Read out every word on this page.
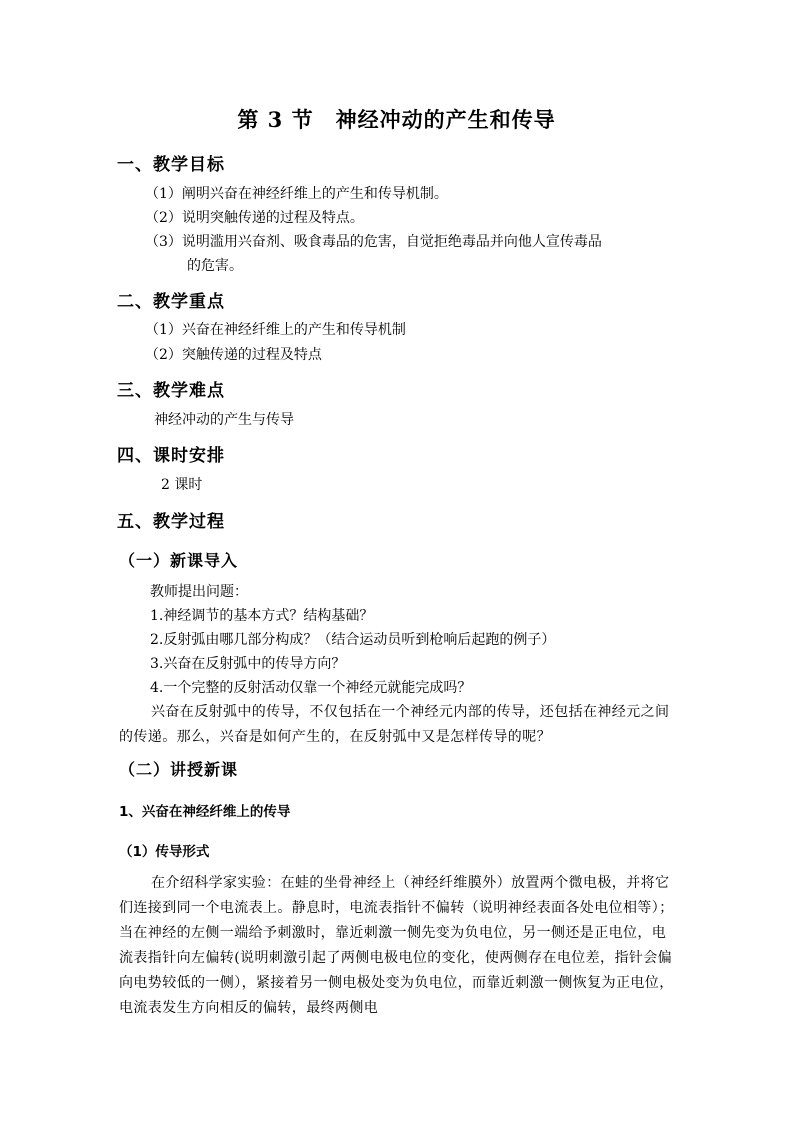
第 3 节　神经冲动的产生和传导
一、教学目标
（1）阐明兴奋在神经纤维上的产生和传导机制。
（2）说明突触传递的过程及特点。
（3）说明滥用兴奋剂、吸食毒品的危害，自觉拒绝毒品并向他人宣传毒品
的危害。
二、教学重点
（1）兴奋在神经纤维上的产生和传导机制
（2）突触传递的过程及特点
三、教学难点
神经冲动的产生与传导
四、课时安排
2 课时
五、教学过程
（一）新课导入
教师提出问题：
1.神经调节的基本方式？结构基础？
2.反射弧由哪几部分构成？（结合运动员听到枪响后起跑的例子）
3.兴奋在反射弧中的传导方向？
4.一个完整的反射活动仅靠一个神经元就能完成吗？

兴奋在反射弧中的传导，不仅包括在一个神经元内部的传导，还包括在神经元之间的传递。那么，兴奋是如何产生的，在反射弧中又是怎样传导的呢？

（二）讲授新课
1、兴奋在神经纤维上的传导
（1）传导形式

在介绍科学家实验：在蛙的坐骨神经上（神经纤维膜外）放置两个微电极，并将它们连接到同一个电流表上。静息时，电流表指针不偏转（说明神经表面各处电位相等）；当在神经的左侧一端给予刺激时，靠近刺激一侧先变为负电位，另一侧还是正电位，电流表指针向左偏转(说明刺激引起了两侧电极电位的变化，使两侧存在电位差，指针会偏向电势较低的一侧），紧接着另一侧电极处变为负电位，而靠近刺激一侧恢复为正电位，电流表发生方向相反的偏转，最终两侧电
